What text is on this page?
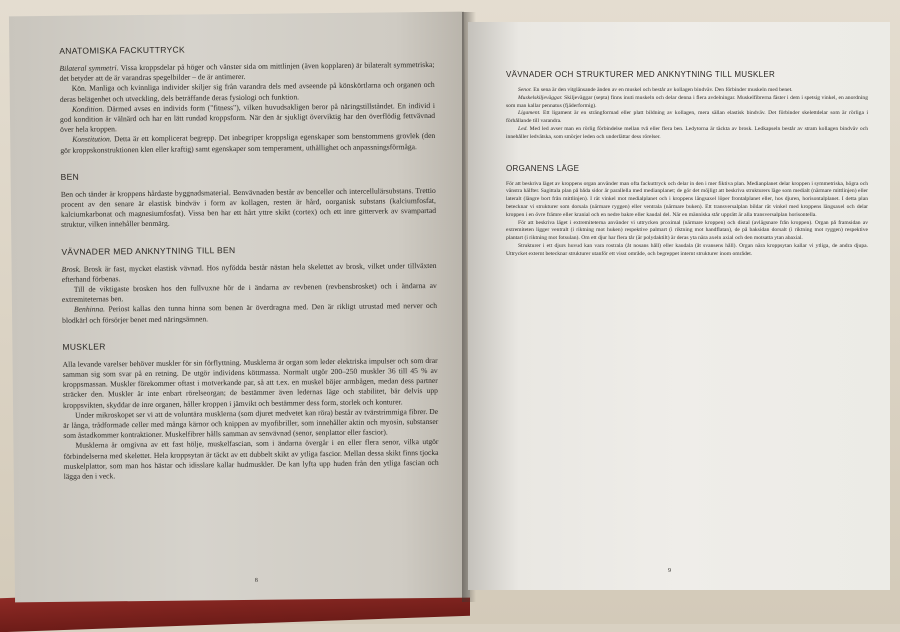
ANATOMISKA FACKUTTRYCK

Bilateral symmetri. Vissa kroppsdelar på höger och vänster sida om mittlinjen (även kopplaren) är bilateralt symmetriska; det betyder att de är varandras spegelbilder – de är antimerer.

Kön. Manliga och kvinnliga individer skiljer sig från varandra dels med avseende på könskörtlarna och organen och deras belägenhet och utveckling, dels beträffande deras fysiologi och funktion.

Kondition. Därmed avses en individs form ("fitness"), vilken huvudsakligen beror på näringstillståndet. En individ i god kondition är välnärd och har en lätt rundad kroppsform. När den är sjukligt överviktig har den överflödig fettvävnad över hela kroppen.

Konstitution. Detta är ett komplicerat begrepp. Det inbegriper kroppsliga egenskaper som benstommens grovlek (den gör kroppskonstruktionen klen eller kraftig) samt egenskaper som temperament, uthållighet och anpassningsförmåga.

BEN

Ben och tänder är kroppens hårdaste byggnadsmaterial. Benvävnaden består av benceller och intercellulärsubstans. Trettio procent av den senare är elastisk bindväv i form av kollagen, resten är hård, oorganisk substans (kalciumfosfat, kalciumkarbonat och magnesiumfosfat). Vissa ben har ett hårt yttre skikt (cortex) och ett inre gitterverk av svampartad struktur, vilken innehåller benmärg.

VÄVNADER MED ANKNYTNING TILL BEN

Brosk. Brosk är fast, mycket elastisk vävnad. Hos nyfödda består nästan hela skelettet av brosk, vilket under tillväxten efterhand förbenas.

Till de viktigaste brosken hos den fullvuxne hör de i ändarna av revbenen (revbensbrosket) och i ändarna av extremiteternas ben.

Benhinna. Periost kallas den tunna hinna som benen är överdragna med. Den är rikligt utrustad med nerver och blodkärl och försörjer benet med näringsämnen.

MUSKLER

Alla levande varelser behöver muskler för sin förflyttning. Musklerna är organ som leder elektriska impulser och som drar samman sig som svar på en retning. De utgör individens köttmassa. Normalt utgör 200–250 muskler 36 till 45 % av kroppsmassan. Muskler förekommer oftast i motverkande par, så att t.ex. en muskel böjer armbågen, medan dess partner sträcker den. Muskler är inte enbart rörelseorgan; de bestämmer även ledernas läge och stabilitet, bär delvis upp kroppsvikten, skyddar de inre organen, håller kroppen i jämvikt och bestämmer dess form, storlek och konturer.

Under mikroskopet ser vi att de voluntära musklerna (som djuret medvetet kan röra) består av tvärstrimmiga fibrer. De är långa, trådformade celler med många kärnor och knippen av myofibriller, som innehåller aktin och myosin, substanser som åstadkommer kontraktioner. Muskelfibrer hålls samman av senvävnad (senor, senplattor eller fascior).

Musklerna är omgivna av ett fast hölje, muskelfascian, som i ändarna övergår i en eller flera senor, vilka utgör förbindelserna med skelettet. Hela kroppsytan är täckt av ett dubbelt skikt av ytliga fascior. Mellan dessa skikt finns tjocka muskelplattor, som man hos hästar och idisslare kallar hudmuskler. De kan lyfta upp huden från den ytliga fascian och lägga den i veck.

8
VÄVNADER OCH STRUKTURER MED ANKNYTNING TILL MUSKLER

Senor. En sena är den vitglänsande änden av en muskel och består av kollagen bindväv. Den förbinder muskeln med benet.

Muskelskiljeväggar. Skiljeväggar (septa) finns inuti muskeln och delar denna i flera avdelningar. Muskelfibrerna fäster i dem i spetsig vinkel, en anordning som man kallar pennatus (fjäderformig).

Ligament. Ett ligament är en strängformad eller platt bildning av kollagen, mera sällan elastisk bindväv. Det förbinder skelettdelar som är rörliga i förhållande till varandra.

Led. Med led avser man en rörlig förbindelse mellan två eller flera ben. Ledytorna är täckta av brosk. Ledkapseln består av stram kollagen bindväv och innehåller ledvätska, som smörjer leden och underlättar dess rörelser.

ORGANENS LÄGE

För att beskriva läget av kroppens organ använder man ofta fackuttryck och delar in den i mer fiktiva plan. Medianplanet delar kroppen i symmetriska, högra och vänstra hälfter. Sagittala plan på båda sidor är parallella med medianplanet; de gör det möjligt att beskriva strukturers läge som medialt (närmare mittlinjen) eller lateralt (längre bort från mittlinjen). I rät vinkel mot medialplanet och i kroppens längsaxel löper frontalplanet eller, hos djuren, horisontalplanet. I detta plan betecknar vi strukturer som dorsala (närmare ryggen) eller ventrala (närmare buken). Ett transversalplan bildar rät vinkel med kroppens längsaxel och delar kroppen i en övre främre eller kranial och en nedre bakre eller kaudal del. När en människa står upprätt är alla transversalplan horisontella.

För att beskriva läget i extremiteterna använder vi uttrycken proximal (närmare kroppen) och distal (avlägsnare från kroppen). Organ på framsidan av extremiteten ligger ventralt (i riktning mot huken) respektive palmart (i riktning mot handflatan), de på baksidan dorsalt (i riktning mot ryggen) respektive plantart (i riktning mot fotsulan). Om ett djur har flera tår (är polydaktilt) är deras yta nära axeln axial och den motsatta ytan abaxial.

Strukturer i ett djurs huvud kan vara rostrala (åt nosans håll) eller kaudala (åt svansens håll). Organ nära kroppsytan kallar vi ytliga, de andra djupa. Uttrycket externt betecknar strukturer utanför ett visst område, och begreppet internt strukturer inom området.

9
